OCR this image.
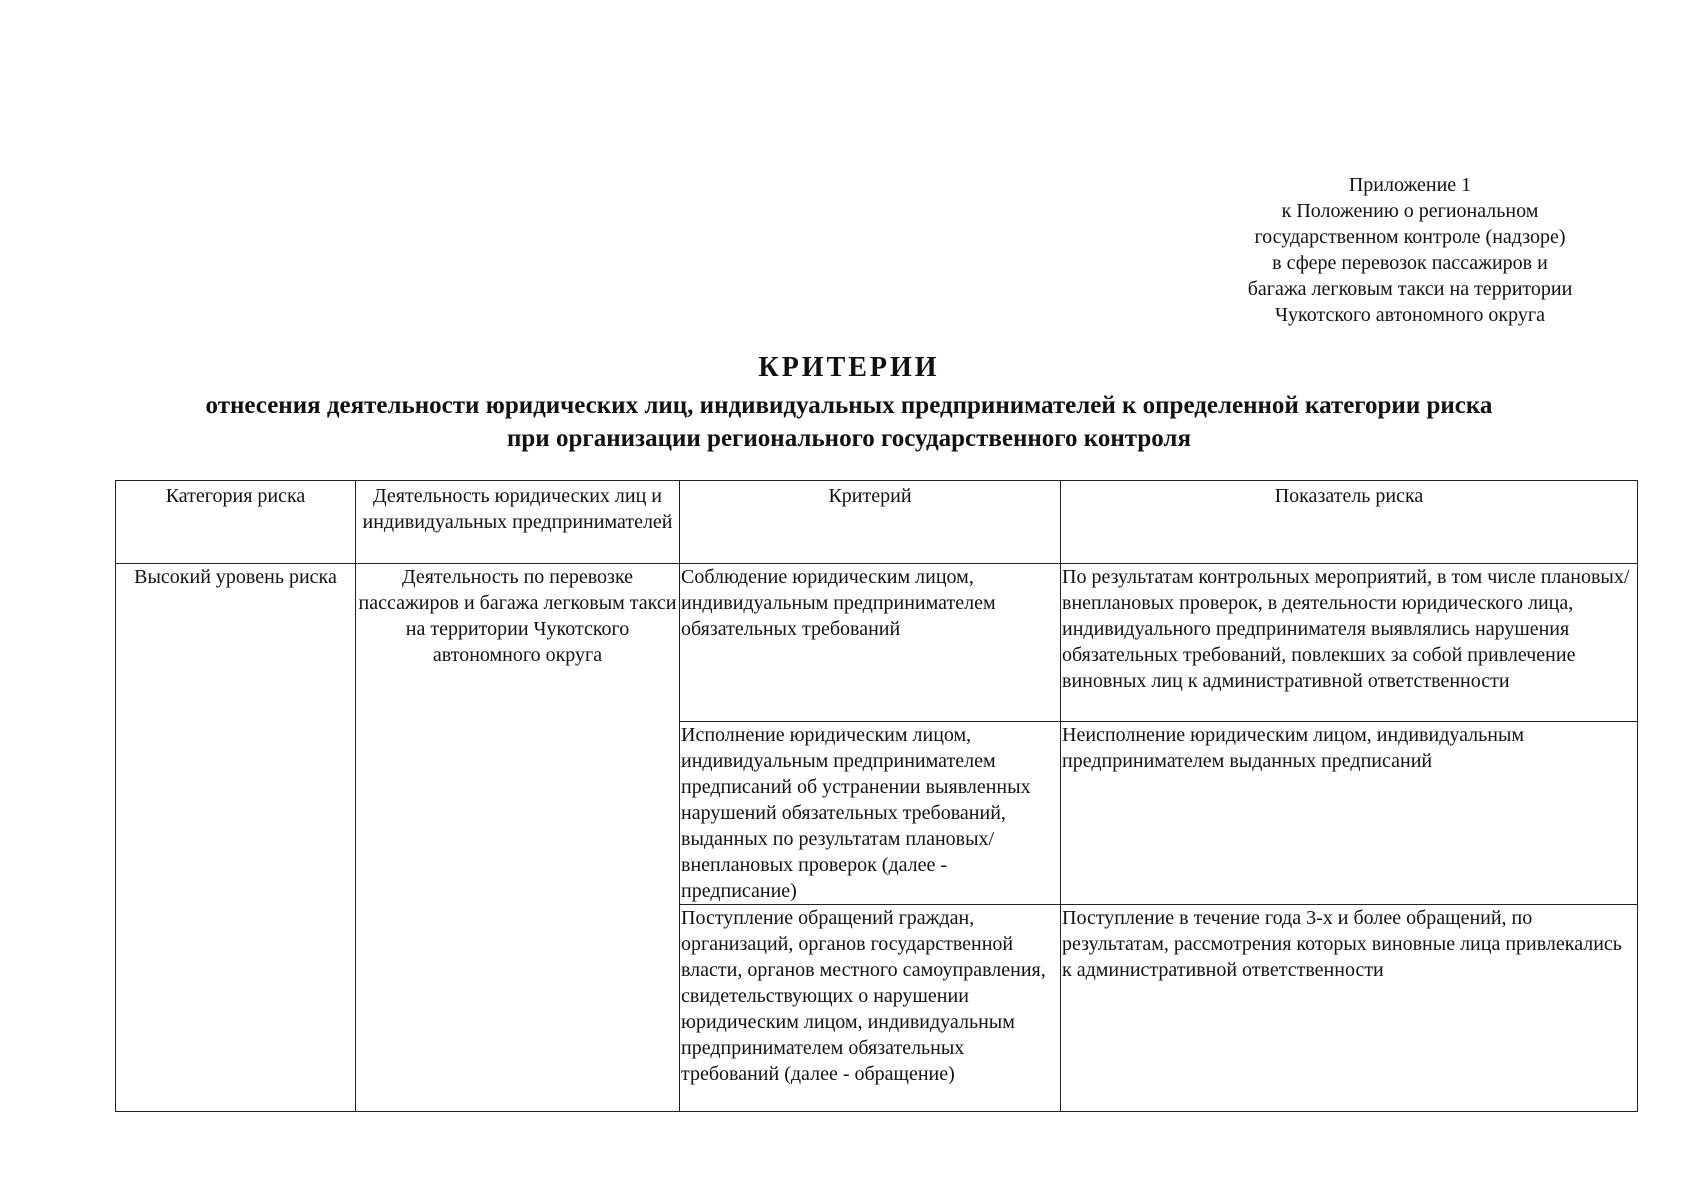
Приложение 1
к Положению о региональном
государственном контроле (надзоре)
в сфере перевозок пассажиров и
багажа легковым такси на территории
Чукотского автономного округа
КРИТЕРИИ
отнесения деятельности юридических лиц, индивидуальных предпринимателей к определенной категории риска
при организации регионального государственного контроля
Категория риска	Деятельность юридических лиц и индивидуальных предпринимателей	Критерий	Показатель риска
Высокий уровень риска	Деятельность по перевозке пассажиров и багажа легковым такси на территории Чукотского автономного округа	Соблюдение юридическим лицом, индивидуальным предпринимателем обязательных требований	По результатам контрольных мероприятий, в том числе плановых/внеплановых проверок, в деятельности юридического лица, индивидуального предпринимателя выявлялись нарушения обязательных требований, повлекших за собой привлечение виновных лиц к административной ответственности
		Исполнение юридическим лицом, индивидуальным предпринимателем предписаний об устранении выявленных нарушений обязательных требований, выданных по результатам плановых/внеплановых проверок (далее - предписание)	Неисполнение юридическим лицом, индивидуальным предпринимателем выданных предписаний
		Поступление обращений граждан, организаций, органов государственной власти, органов местного самоуправления, свидетельствующих о нарушении юридическим лицом, индивидуальным предпринимателем обязательных требований (далее - обращение)	Поступление в течение года 3-х и более обращений, по результатам, рассмотрения которых виновные лица привлекались к административной ответственности
